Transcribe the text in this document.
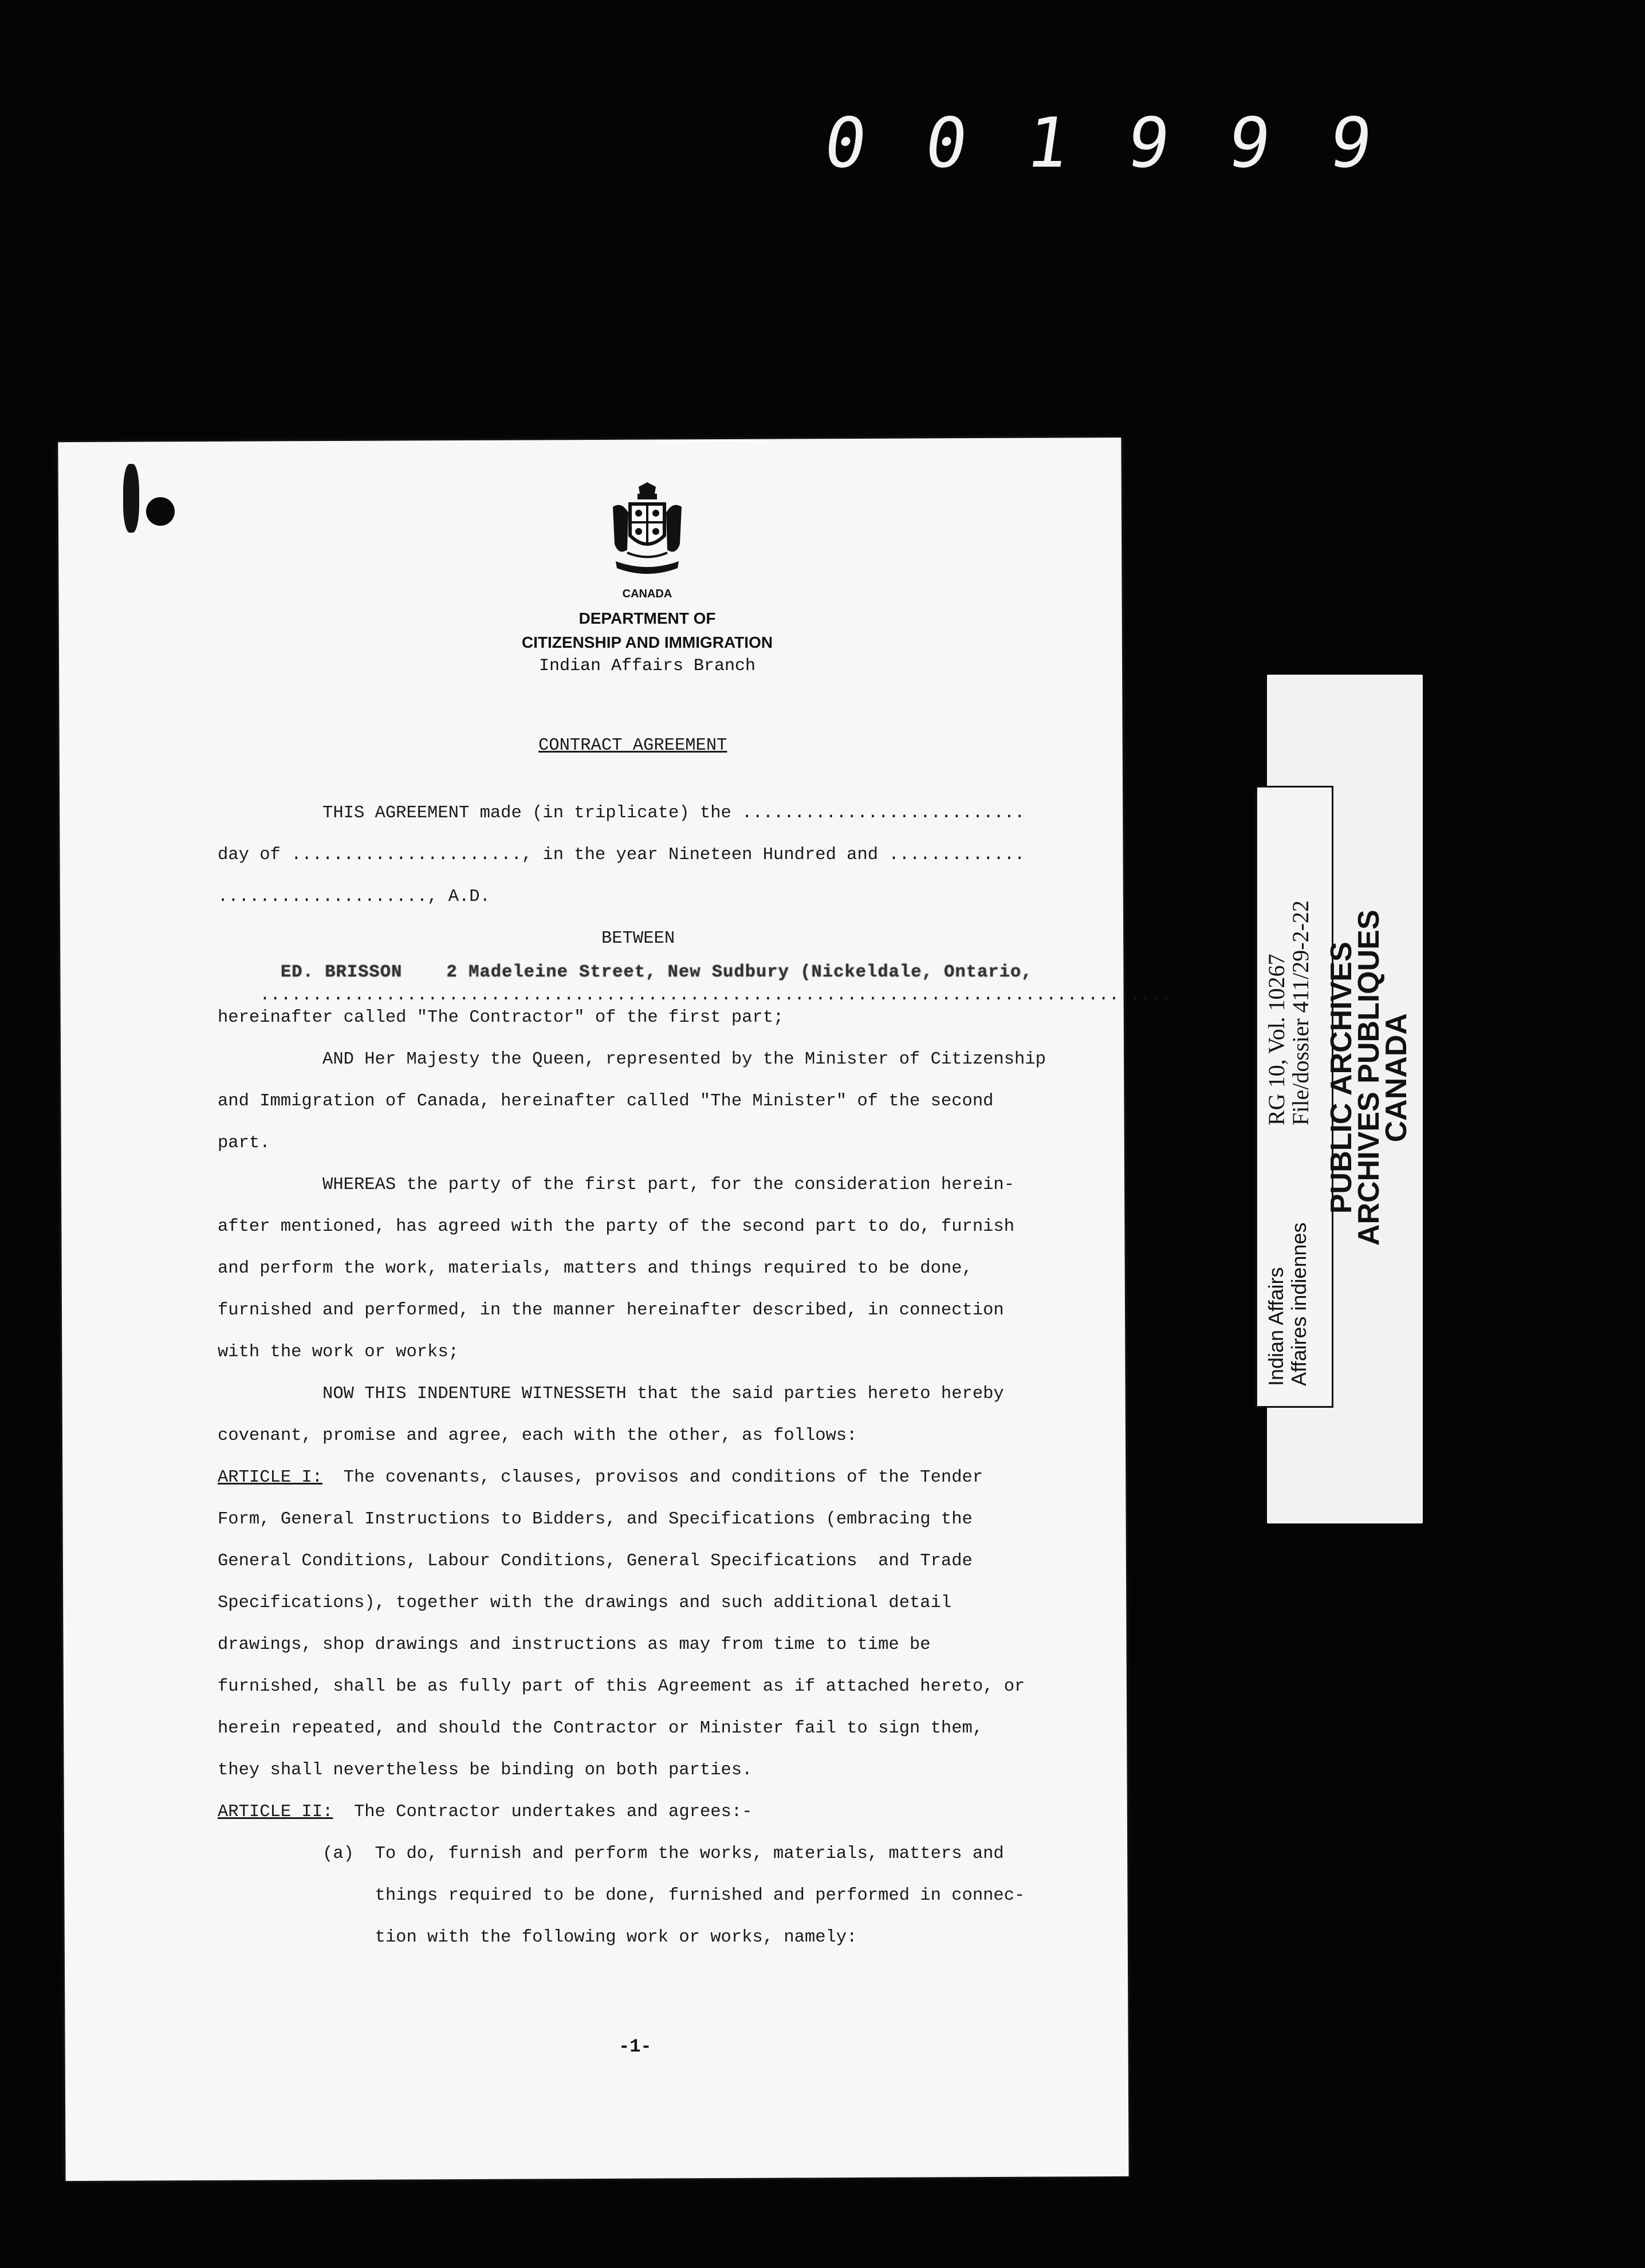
0 0 1 9 9 9
CANADA
DEPARTMENT OF
CITIZENSHIP AND IMMIGRATION
Indian Affairs Branch
CONTRACT AGREEMENT
THIS AGREEMENT made (in triplicate) the ...........................
day of ......................, in the year Nineteen Hundred and .............
...................., A.D.
BETWEEN

.......................................................................................

ED. BRISSON    2 Madeleine Street, New Sudbury (Nickeldale, Ontario,

hereinafter called "The Contractor" of the first part;
AND Her Majesty the Queen, represented by the Minister of Citizenship
and Immigration of Canada, hereinafter called "The Minister" of the second
part.
WHEREAS the party of the first part, for the consideration herein-
after mentioned, has agreed with the party of the second part to do, furnish
and perform the work, materials, matters and things required to be done,
furnished and performed, in the manner hereinafter described, in connection
with the work or works;
NOW THIS INDENTURE WITNESSETH that the said parties hereto hereby
covenant, promise and agree, each with the other, as follows:
ARTICLE I:  The covenants, clauses, provisos and conditions of the Tender
Form, General Instructions to Bidders, and Specifications (embracing the
General Conditions, Labour Conditions, General Specifications  and Trade
Specifications), together with the drawings and such additional detail
drawings, shop drawings and instructions as may from time to time be
furnished, shall be as fully part of this Agreement as if attached hereto, or
herein repeated, and should the Contractor or Minister fail to sign them,
they shall nevertheless be binding on both parties.
ARTICLE II:  The Contractor undertakes and agrees:-
(a)  To do, furnish and perform the works, materials, matters and
things required to be done, furnished and performed in connec-
tion with the following work or works, namely:
-1-
PUBLIC ARCHIVES
ARCHIVES PUBLIQUES
CANADA
RG 10, Vol. 10267
File/dossier 411/29-2-22
Indian Affairs Affaires indiennes
